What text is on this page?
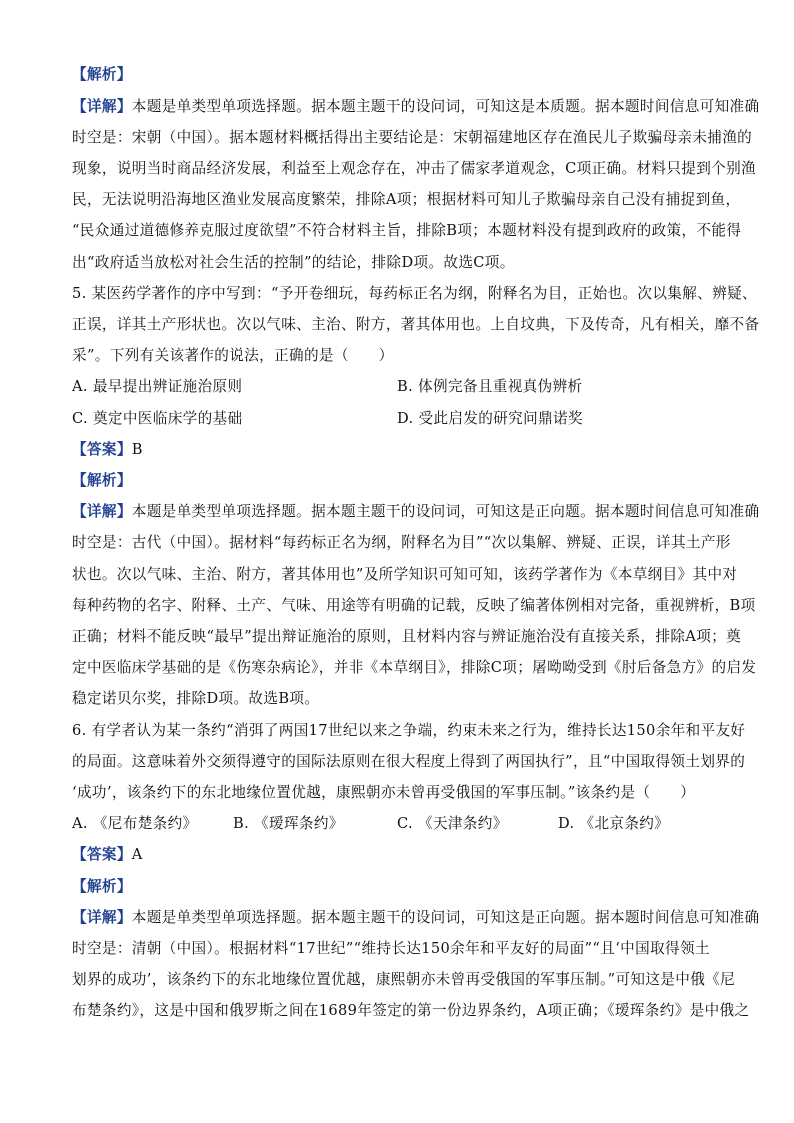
【解析】
【详解】本题是单类型单项选择题。据本题主题干的设问词，可知这是本质题。据本题时间信息可知准确
时空是：宋朝（中国）。据本题材料概括得出主要结论是：宋朝福建地区存在渔民儿子欺骗母亲未捕渔的
现象，说明当时商品经济发展，利益至上观念存在，冲击了儒家孝道观念，C项正确。材料只提到个别渔
民，无法说明沿海地区渔业发展高度繁荣，排除A项；根据材料可知儿子欺骗母亲自己没有捕捉到鱼，
“民众通过道德修养克服过度欲望”不符合材料主旨，排除B项；本题材料没有提到政府的政策，不能得
出“政府适当放松对社会生活的控制”的结论，排除D项。故选C项。
5. 某医药学著作的序中写到：“予开卷细玩，每药标正名为纲，附释名为目，正始也。次以集解、辨疑、
正误，详其土产形状也。次以气味、主治、附方，著其体用也。上自坟典，下及传奇，凡有相关，靡不备
采”。下列有关该著作的说法，正确的是（　　）
A. 最早提出辨证施治原则	B. 体例完备且重视真伪辨析
C. 奠定中医临床学的基础	D. 受此启发的研究问鼎诺奖
【答案】B
【解析】
【详解】本题是单类型单项选择题。据本题主题干的设问词，可知这是正向题。据本题时间信息可知准确
时空是：古代（中国）。据材料“每药标正名为纲，附释名为目”“次以集解、辨疑、正误，详其土产形
状也。次以气味、主治、附方，著其体用也”及所学知识可知可知，该药学著作为《本草纲目》其中对
每种药物的名字、附释、土产、气味、用途等有明确的记载，反映了编著体例相对完备，重视辨析，B项
正确；材料不能反映“最早”提出辩证施治的原则，且材料内容与辨证施治没有直接关系，排除A项；奠
定中医临床学基础的是《伤寒杂病论》，并非《本草纲目》，排除C项；屠呦呦受到《肘后备急方》的启发
稳定诺贝尔奖，排除D项。故选B项。
6. 有学者认为某一条约“消弭了两国17世纪以来之争端，约束未来之行为，维持长达150余年和平友好
的局面。这意味着外交须得遵守的国际法原则在很大程度上得到了两国执行”，且“中国取得领土划界的
‘成功’，该条约下的东北地缘位置优越，康熙朝亦未曾再受俄国的军事压制。”该条约是（　　）
A. 《尼布楚条约》 B. 《瑷珲条约》	C. 《天津条约》	D. 《北京条约》
【答案】A
【解析】
【详解】本题是单类型单项选择题。据本题主题干的设问词，可知这是正向题。据本题时间信息可知准确
时空是：清朝（中国）。根据材料“17世纪”“维持长达150余年和平友好的局面”“且‘中国取得领土
划界的成功’，该条约下的东北地缘位置优越，康熙朝亦未曾再受俄国的军事压制。”可知这是中俄《尼
布楚条约》，这是中国和俄罗斯之间在1689年签定的第一份边界条约，A项正确；《瑷珲条约》是中俄之
